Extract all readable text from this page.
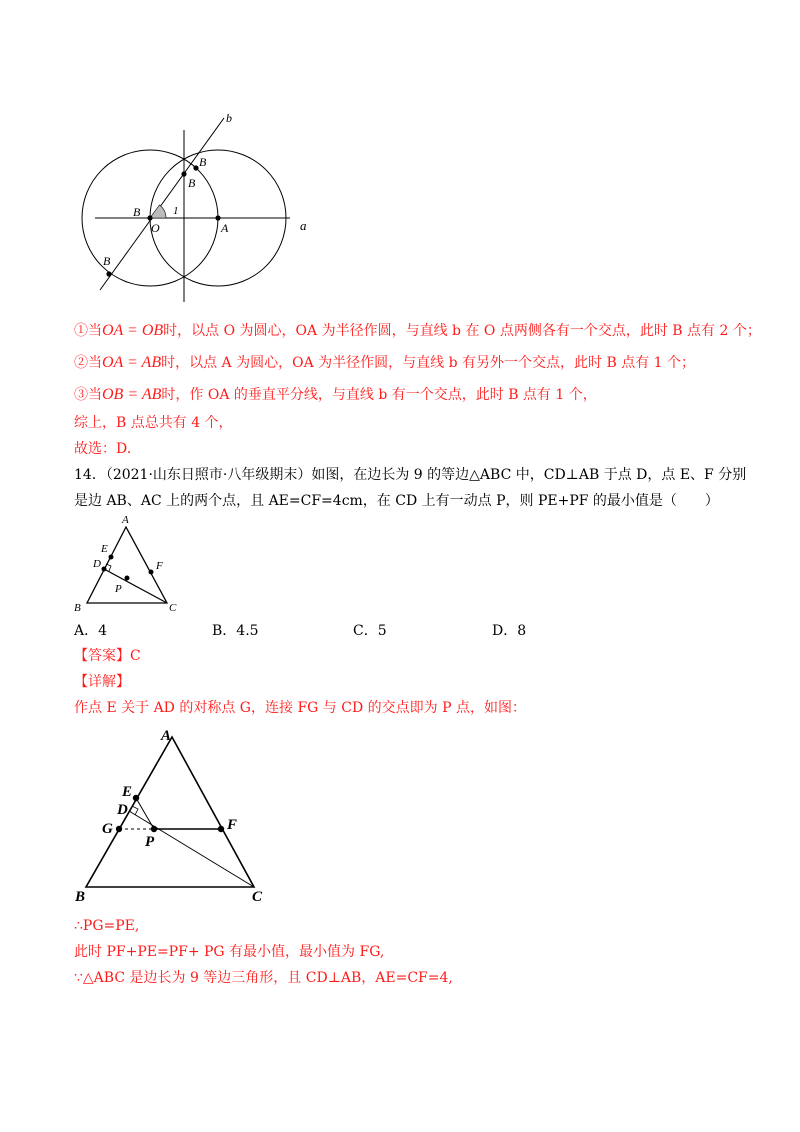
b
a
B
B
B
O
1
A
B
①当OA = OB时，以点 O 为圆心，OA 为半径作圆，与直线 b 在 O 点两侧各有一个交点，此时 B 点有 2 个；
②当OA = AB时，以点 A 为圆心，OA 为半径作圆，与直线 b 有另外一个交点，此时 B 点有 1 个；
③当OB = AB时，作 OA 的垂直平分线，与直线 b 有一个交点，此时 B 点有 1 个，
综上，B 点总共有 4 个，
故选：D.
14．（2021·山东日照市·八年级期末）如图，在边长为 9 的等边△ABC 中，CD⊥AB 于点 D，点 E、F 分别
是边 AB、AC 上的两个点，且 AE=CF=4cm，在 CD 上有一动点 P，则 PE+PF 的最小值是（　　）
A
E
D	F
P
B	C
A．4	B．4.5	C．5	D．8
【答案】C
【详解】
作点 E 关于 AD 的对称点 G，连接 FG 与 CD 的交点即为 P 点，如图：
A
E
D
G
P
F
B	C
∴PG=PE,
此时 PF+PE=PF+ PG 有最小值，最小值为 FG,
∵△ABC 是边长为 9 等边三角形，且 CD⊥AB，AE=CF=4,
